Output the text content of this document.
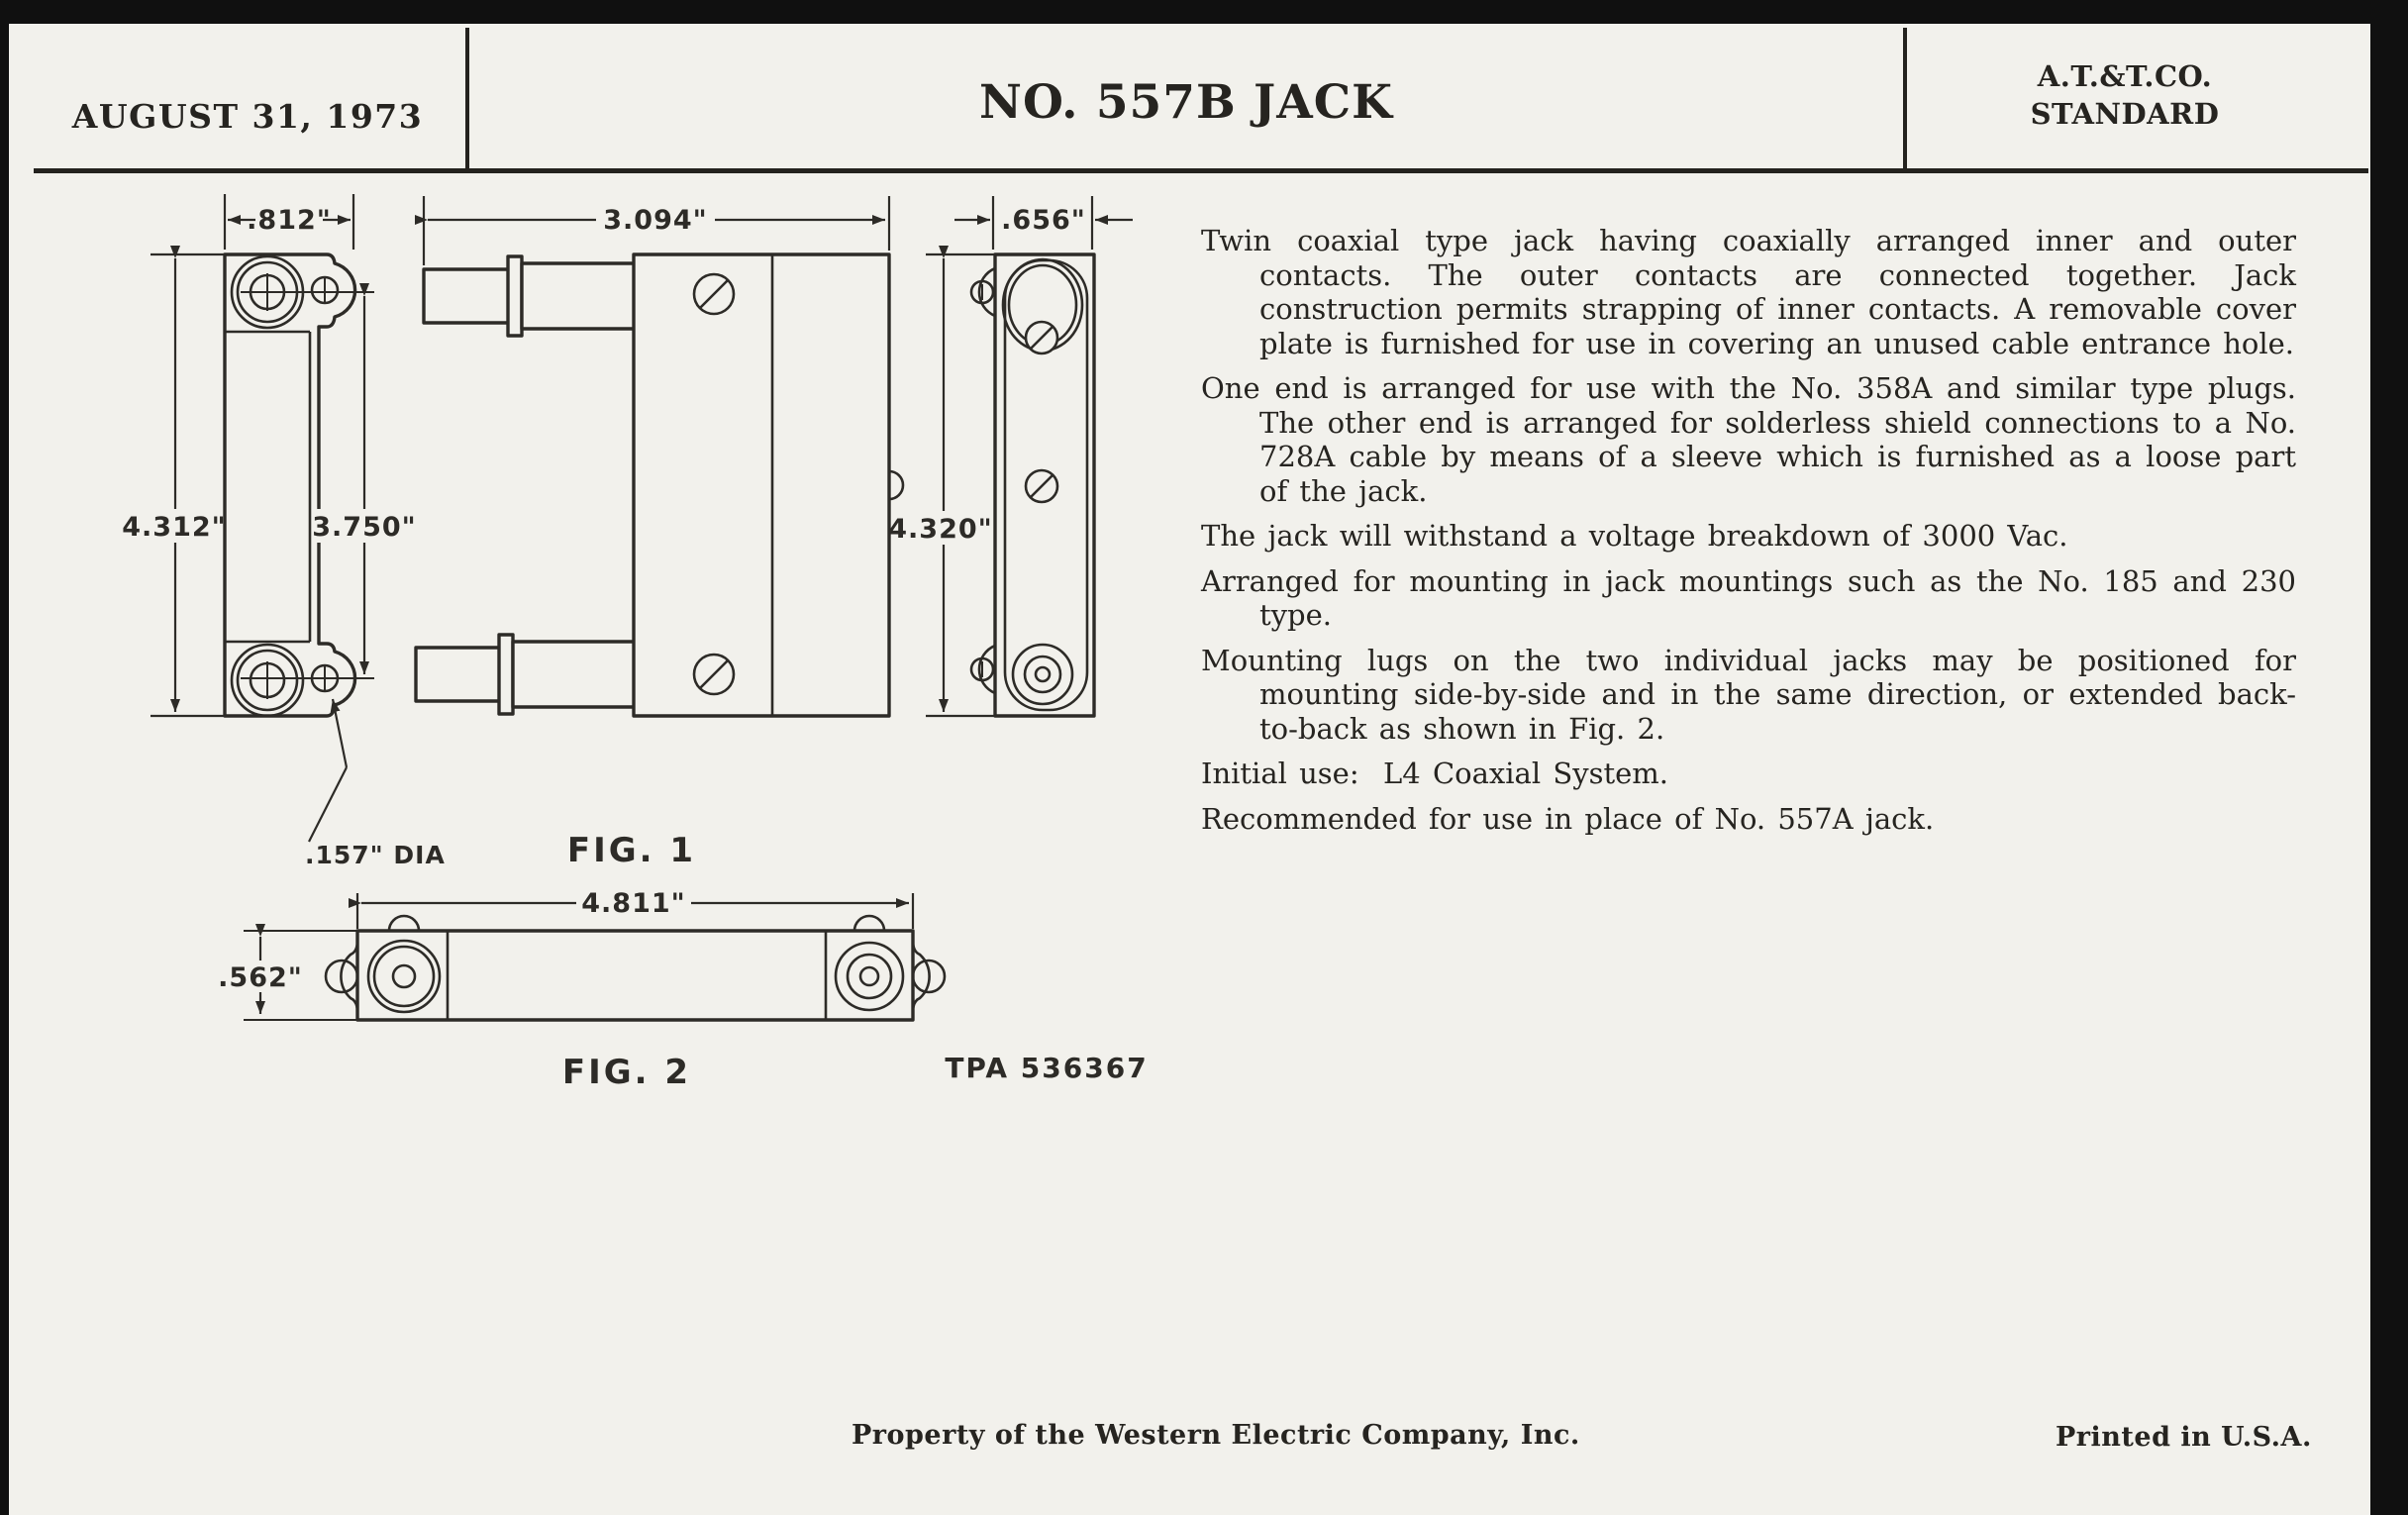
AUGUST 31, 1973	NO. 557B JACK	A.T.&T.CO.
STANDARD

Twin coaxial type jack having coaxially arranged inner and outer contacts. The outer contacts are connected together. Jack construction permits strapping of inner contacts. A removable cover plate is furnished for use in covering an unused cable entrance hole.

One end is arranged for use with the No. 358A and similar type plugs. The other end is arranged for solderless shield connections to a No. 728A cable by means of a sleeve which is furnished as a loose part of the jack.

The jack will withstand a voltage breakdown of 3000 Vac.

Arranged for mounting in jack mountings such as the No. 185 and 230 type.

Mounting lugs on the two individual jacks may be positioned for mounting side-by-side and in the same direction, or extended back-to-back as shown in Fig. 2.

Initial use:  L4 Coaxial System.

Recommended for use in place of No. 557A jack.

.812"	3.094"	.656"
4.312"	3.750"	4.320"
.157" DIA	FIG. 1
4.811"
.562"
FIG. 2	TPA 536367
Property of the Western Electric Company, Inc.	Printed in U.S.A.
